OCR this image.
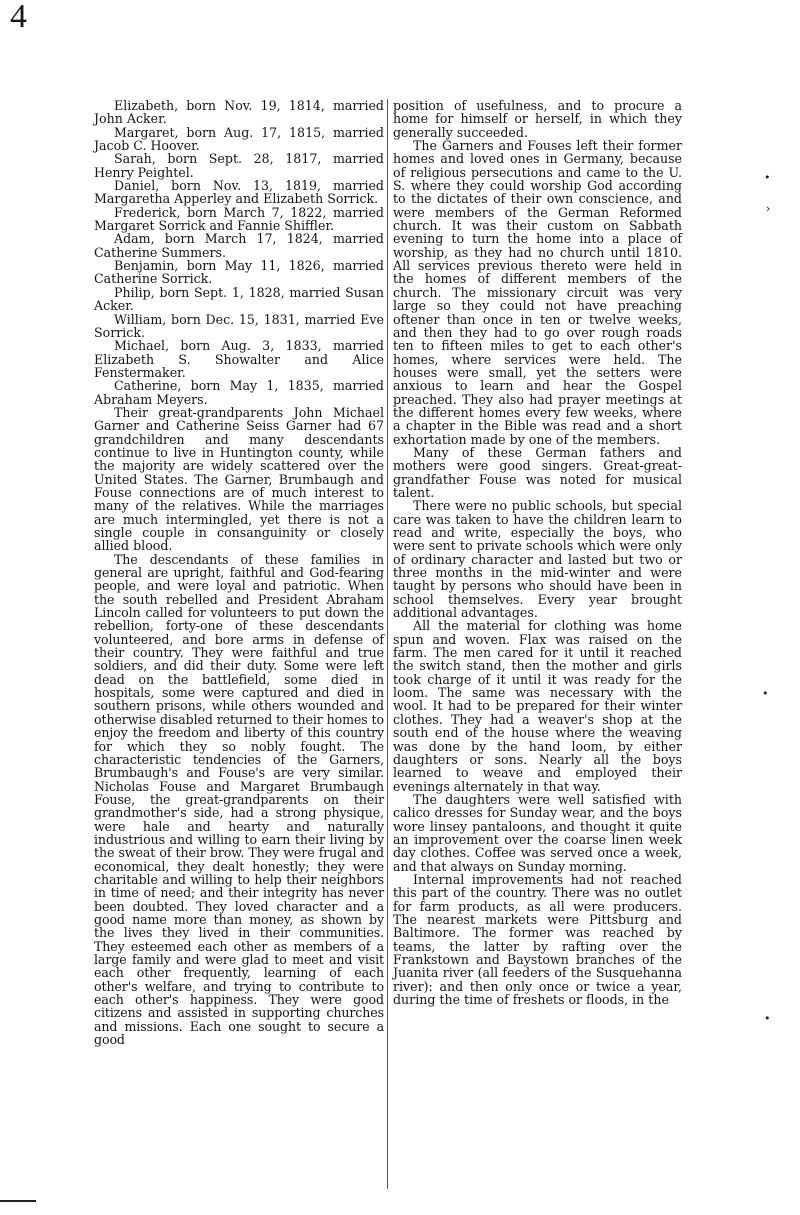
4

Elizabeth, born Nov. 19, 1814, married John Acker.

Margaret, born Aug. 17, 1815, married Jacob C. Hoover.

Sarah, born Sept. 28, 1817, married Henry Peightel.

Daniel, born Nov. 13, 1819, married Margaretha Apperley and Elizabeth Sorrick.

Frederick, born March 7, 1822, married Margaret Sorrick and Fannie Shiffler.

Adam, born March 17, 1824, married Catherine Summers.

Benjamin, born May 11, 1826, married Catherine Sorrick.

Philip, born Sept. 1, 1828, married Susan Acker.

William, born Dec. 15, 1831, married Eve Sorrick.

Michael, born Aug. 3, 1833, married Elizabeth S. Showalter and Alice Fenstermaker.

Catherine, born May 1, 1835, married Abraham Meyers.

Their great-grandparents John Michael Garner and Catherine Seiss Garner had 67 grandchildren and many descendants continue to live in Huntington county, while the majority are widely scattered over the United States. The Garner, Brumbaugh and Fouse connections are of much interest to many of the relatives. While the marriages are much intermingled, yet there is not a single couple in consanguinity or closely allied blood.

The descendants of these families in general are upright, faithful and God-fearing people, and were loyal and patriotic. When the south rebelled and President Abraham Lincoln called for volunteers to put down the rebellion, forty-one of these descendants volunteered, and bore arms in defense of their country. They were faithful and true soldiers, and did their duty. Some were left dead on the battlefield, some died in hospitals, some were captured and died in southern prisons, while others wounded and otherwise disabled returned to their homes to enjoy the freedom and liberty of this country for which they so nobly fought. The characteristic tendencies of the Garners, Brumbaugh's and Fouse's are very similar. Nicholas Fouse and Margaret Brumbaugh Fouse, the great-grandparents on their grandmother's side, had a strong physique, were hale and hearty and naturally industrious and willing to earn their living by the sweat of their brow. They were frugal and economical, they dealt honestly; they were charitable and willing to help their neighbors in time of need; and their integrity has never been doubted. They loved character and a good name more than money, as shown by the lives they lived in their communities. They esteemed each other as members of a large family and were glad to meet and visit each other frequently, learning of each other's welfare, and trying to contribute to each other's happiness. They were good citizens and assisted in supporting churches and missions. Each one sought to secure a good

position of usefulness, and to procure a home for himself or herself, in which they generally succeeded.

The Garners and Fouses left their former homes and loved ones in Germany, because of religious persecutions and came to the U. S. where they could worship God according to the dictates of their own conscience, and were members of the German Reformed church. It was their custom on Sabbath evening to turn the home into a place of worship, as they had no church until 1810. All services previous thereto were held in the homes of different members of the church. The missionary circuit was very large so they could not have preaching oftener than once in ten or twelve weeks, and then they had to go over rough roads ten to fifteen miles to get to each other's homes, where services were held. The houses were small, yet the setters were anxious to learn and hear the Gospel preached. They also had prayer meetings at the different homes every few weeks, where a chapter in the Bible was read and a short exhortation made by one of the members.

Many of these German fathers and mothers were good singers. Great-great-grandfather Fouse was noted for musical talent.

There were no public schools, but special care was taken to have the children learn to read and write, especially the boys, who were sent to private schools which were only of ordinary character and lasted but two or three months in the mid-winter and were taught by persons who should have been in school themselves. Every year brought additional advantages.

All the material for clothing was home spun and woven. Flax was raised on the farm. The men cared for it until it reached the switch stand, then the mother and girls took charge of it until it was ready for the loom. The same was necessary with the wool. It had to be prepared for their winter clothes. They had a weaver's shop at the south end of the house where the weaving was done by the hand loom, by either daughters or sons. Nearly all the boys learned to weave and employed their evenings alternately in that way.

The daughters were well satisfied with calico dresses for Sunday wear, and the boys wore linsey pantaloons, and thought it quite an improvement over the coarse linen week day clothes. Coffee was served once a week, and that always on Sunday morning.

Internal improvements had not reached this part of the country. There was no outlet for farm products, as all were producers. The nearest markets were Pittsburg and Baltimore. The former was reached by teams, the latter by rafting over the Frankstown and Baystown branches of the Juanita river (all feeders of the Susquehanna river): and then only once or twice a year, during the time of freshets or floods, in the

•
›
•
•
